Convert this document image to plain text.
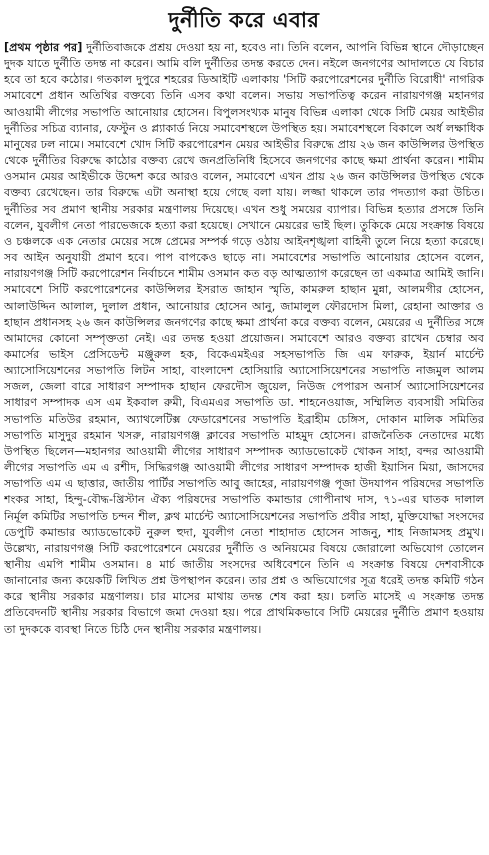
দুর্নীতি করে এবার

[প্রথম পৃষ্ঠার পর] দুর্নীতিবাজকে প্রশ্রয় দেওয়া হয় না, হবেও না। তিনি বলেন, আপনি বিভিন্ন স্থানে দৌড়াচ্ছেন দুদক যাতে দুর্নীতি তদন্ত না করেন। আমি বলি দুর্নীতির তদন্ত করতে দেন। নইলে জনগণের আদালতে যে বিচার হবে তা হবে কঠোর। গতকাল দুপুরে শহরের ডিআইটি এলাকায় 'সিটি করপোরেশনের দুর্নীতি বিরোধী' নাগরিক সমাবেশে প্রধান অতিথির বক্তব্যে তিনি এসব কথা বলেন। সভায় সভাপতিত্ব করেন নারায়ণগঞ্জ মহানগর আওয়ামী লীগের সভাপতি আনোয়ার হোসেন। বিপুলসংখ্যক মানুষ বিভিন্ন এলাকা থেকে সিটি মেয়র আইভীর দুর্নীতির সচিত্র ব্যানার, ফেস্টুন ও প্ল্যাকার্ড নিয়ে সমাবেশস্থলে উপস্থিত হয়। সমাবেশস্থলে বিকালে অর্ধ লক্ষাধিক মানুষের ঢল নামে। সমাবেশে খোদ সিটি করপোরেশন মেয়র আইভীর বিরুদ্ধে প্রায় ২৬ জন কাউন্সিলর উপস্থিত থেকে দুর্নীতির বিরুদ্ধে কাঠোর বক্তব্য রেখে জনপ্রতিনিধি হিসেবে জনগণের কাছে ক্ষমা প্রার্থনা করেন। শামীম ওসমান মেয়র আইভীকে উদ্দেশ করে আরও বলেন, সমাবেশে এখন প্রায় ২৬ জন কাউন্সিলর উপস্থিত থেকে বক্তব্য রেখেছেন। তার বিরুদ্ধে এটা অনাস্থা হয়ে গেছে বলা যায়। লজ্জা থাকলে তার পদত্যাগ করা উচিত। দুর্নীতির সব প্রমাণ স্থানীয় সরকার মন্ত্রণালয় দিয়েছে। এখন শুধু সময়ের ব্যাপার। বিভিন্ন হত্যার প্রসঙ্গে তিনি বলেন, যুবলীগ নেতা পারভেজকে হত্যা করা হয়েছে। সেখানে মেয়রের ভাই ছিল। তুকিকে মেয়ে সংক্রান্ত বিষয়ে ও চঞ্চলকে এক নেতার মেয়ের সঙ্গে প্রেমের সম্পর্ক গড়ে ওঠায় আইনশৃঙ্খলা বাহিনী তুলে নিয়ে হত্যা করেছে। সব আইন অনুযায়ী প্রমাণ হবে। পাপ বাপকেও ছাড়ে না। সমাবেশের সভাপতি আনোয়ার হোসেন বলেন, নারায়ণগঞ্জ সিটি করপোরেশন নির্বাচনে শামীম ওসমান কত বড় আত্মত্যাগ করেছেন তা একমাত্র আমিই জানি। সমাবেশে সিটি করপোরেশনের কাউন্সিলর ইসরাত জাহান স্মৃতি, কামরুল হাছান মুন্না, আলমগীর হোসেন, আলাউদ্দিন আলাল, দুলাল প্রধান, আনোয়ার হোসেন আনু, জামালুল ফৌরদোস মিলা, রেহানা আক্তার ও হাছান প্রধানসহ ২৬ জন কাউন্সিলর জনগণের কাছে ক্ষমা প্রার্থনা করে বক্তব্য বলেন, মেয়রের এ দুর্নীতির সঙ্গে আমাদের কোনো সম্পৃক্ততা নেই। এর তদন্ত হওয়া প্রয়োজন। সমাবেশে আরও বক্তব্য রাখেন চেম্বার অব কমার্সের ভাইস প্রেসিডেন্ট মঞ্জুরুল হক, বিকেএমইএর সহসভাপতি জি এম ফারুক, ইয়ার্ন মার্চেন্ট অ্যাসোসিয়েশনের সভাপতি লিটন সাহা, বাংলাদেশ হোসিয়ারি অ্যাসোসিয়েশনের সভাপতি নাজমুল আলম সজল, জেলা বারে সাধারণ সম্পাদক হাছান ফেরদৌস জুয়েল, নিউজ পেপারস অনার্স অ্যাসোসিয়েশনের সাধারণ সম্পাদক এস এম ইকবাল রুমী, বিএমএর সভাপতি ডা. শাহনেওয়াজ, সম্মিলিত ব্যবসায়ী সমিতির সভাপতি মতিউর রহমান, অ্যাথলেটিক্স ফেডারেশনের সভাপতি ইব্রাহীম চেঙ্গিস, দোকান মালিক সমিতির সভাপতি মাসুদুর রহমান খসরু, নারায়ণগঞ্জ ক্লাবের সভাপতি মাহমুদ হোসেন। রাজনৈতিক নেতাদের মধ্যে উপস্থিত ছিলেন—মহানগর আওয়ামী লীগের সাধারণ সম্পাদক অ্যাডভোকেট খোকন সাহা, বন্দর আওয়ামী লীগের সভাপতি এম এ রশীদ, সিদ্ধিরগঞ্জ আওয়ামী লীগের সাধারণ সম্পাদক হাজী ইয়াসিন মিয়া, জাসদের সভাপতি এম এ ছাত্তার, জাতীয় পার্টির সভাপতি আবু জাহের, নারায়ণগঞ্জ পূজা উদযাপন পরিষদের সভাপতি শংকর সাহা, হিন্দু-বৌদ্ধ-খ্রিস্টান ঐক্য পরিষদের সভাপতি কমান্ডার গোপীনাথ দাস, ৭১-এর ঘাতক দালাল নির্মূল কমিটির সভাপতি চন্দন শীল, ক্লথ মার্চেন্ট অ্যাসোসিয়েশনের সভাপতি প্রবীর সাহা, মুক্তিযোদ্ধা সংসদের ডেপুটি কমান্ডার অ্যাডভোকেট নুরুল হুদা, যুবলীগ নেতা শাহাদাত হোসেন সাজনু, শাহ নিজামসহ প্রমুখ। উল্লেখ্য, নারায়ণগঞ্জ সিটি করপোরেশনে মেয়রের দুর্নীতি ও অনিয়মের বিষয়ে জোরালো অভিযোগ তোলেন স্থানীয় এমপি শামীম ওসমান। ৪ মার্চ জাতীয় সংসদের অধিবেশনে তিনি এ সংক্রান্ত বিষয়ে দেশবাসীকে জানানোর জন্য কয়েকটি লিখিত প্রশ্ন উপস্থাপন করেন। তার প্রশ্ন ও অভিযোগের সূত্র ধরেই তদন্ত কমিটি গঠন করে স্থানীয় সরকার মন্ত্রণালয়। চার মাসের মাথায় তদন্ত শেষ করা হয়। চলতি মাসেই এ সংক্রান্ত তদন্ত প্রতিবেদনটি স্থানীয় সরকার বিভাগে জমা দেওয়া হয়। পরে প্রাথমিকভাবে সিটি মেয়রের দুর্নীতি প্রমাণ হওয়ায় তা দুদককে ব্যবস্থা নিতে চিঠি দেন স্থানীয় সরকার মন্ত্রণালয়।
